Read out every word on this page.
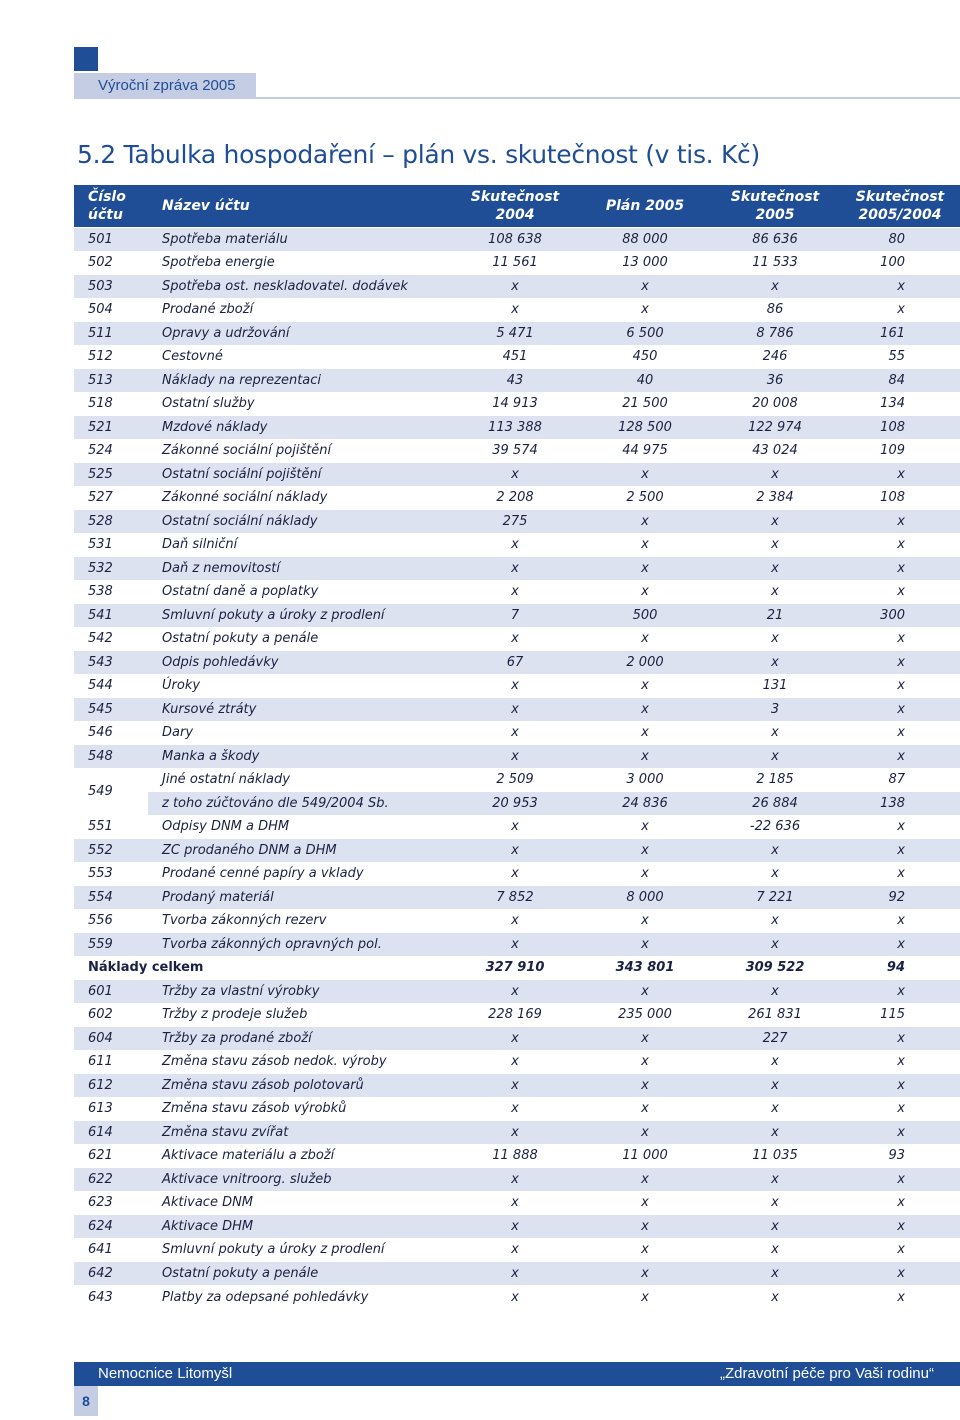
Výroční zpráva 2005
5.2 Tabulka hospodaření – plán vs. skutečnost (v tis. Kč)
Číslo účtu	Název účtu	Skutečnost 2004	Plán 2005	Skutečnost 2005	Skutečnost 2005/2004
501	Spotřeba materiálu	108 638	88 000	86 636	80
502	Spotřeba energie	11 561	13 000	11 533	100
503	Spotřeba ost. neskladovatel. dodávek	x	x	x	x
504	Prodané zboží	x	x	86	x
511	Opravy a udržování	5 471	6 500	8 786	161
512	Cestovné	451	450	246	55
513	Náklady na reprezentaci	43	40	36	84
518	Ostatní služby	14 913	21 500	20 008	134
521	Mzdové náklady	113 388	128 500	122 974	108
524	Zákonné sociální pojištění	39 574	44 975	43 024	109
525	Ostatní sociální pojištění	x	x	x	x
527	Zákonné sociální náklady	2 208	2 500	2 384	108
528	Ostatní sociální náklady	275	x	x	x
531	Daň silniční	x	x	x	x
532	Daň z nemovitostí	x	x	x	x
538	Ostatní daně a poplatky	x	x	x	x
541	Smluvní pokuty a úroky z prodlení	7	500	21	300
542	Ostatní pokuty a penále	x	x	x	x
543	Odpis pohledávky	67	2 000	x	x
544	Úroky	x	x	131	x
545	Kursové ztráty	x	x	3	x
546	Dary	x	x	x	x
548	Manka a škody	x	x	x	x
549	Jiné ostatní náklady	2 509	3 000	2 185	87
	z toho zúčtováno dle 549/2004 Sb.	20 953	24 836	26 884	138
551	Odpisy DNM a DHM	x	x	-22 636	x
552	ZC prodaného DNM a DHM	x	x	x	x
553	Prodané cenné papíry a vklady	x	x	x	x
554	Prodaný materiál	7 852	8 000	7 221	92
556	Tvorba zákonných rezerv	x	x	x	x
559	Tvorba zákonných opravných pol.	x	x	x	x
Náklady celkem		327 910	343 801	309 522	94
601	Tržby za vlastní výrobky	x	x	x	x
602	Tržby z prodeje služeb	228 169	235 000	261 831	115
604	Tržby za prodané zboží	x	x	227	x
611	Změna stavu zásob nedok. výroby	x	x	x	x
612	Změna stavu zásob polotovarů	x	x	x	x
613	Změna stavu zásob výrobků	x	x	x	x
614	Změna stavu zvířat	x	x	x	x
621	Aktivace materiálu a zboží	11 888	11 000	11 035	93
622	Aktivace vnitroorg. služeb	x	x	x	x
623	Aktivace DNM	x	x	x	x
624	Aktivace DHM	x	x	x	x
641	Smluvní pokuty a úroky z prodlení	x	x	x	x
642	Ostatní pokuty a penále	x	x	x	x
643	Platby za odepsané pohledávky	x	x	x	x
Nemocnice Litomyšl	„Zdravotní péče pro Vaši rodinu“
8
